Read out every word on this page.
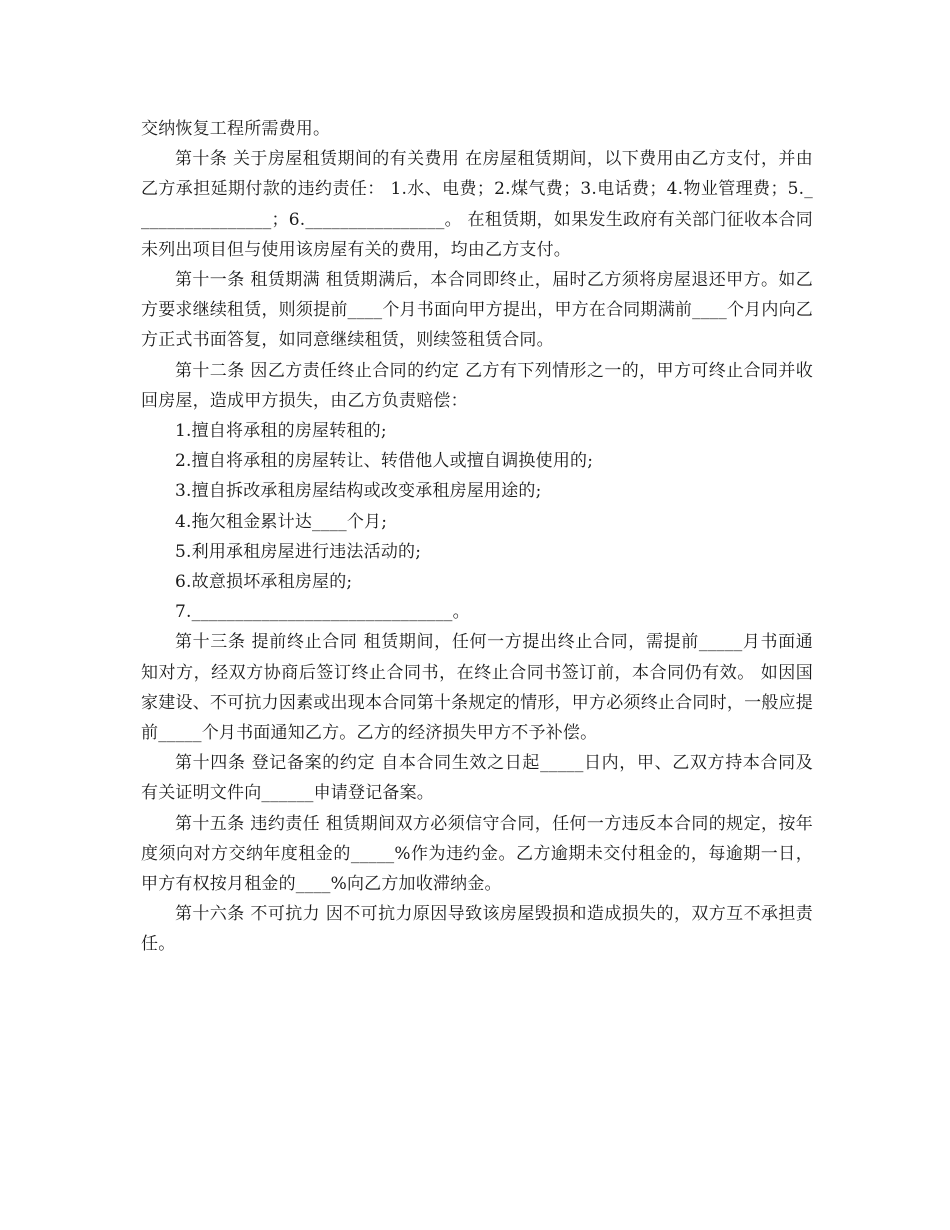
交纳恢复工程所需费用。

第十条 关于房屋租赁期间的有关费用 在房屋租赁期间，以下费用由乙方支付，并由乙方承担延期付款的违约责任： 1.水、电费；2.煤气费；3.电话费；4.物业管理费；5.________________；6.________________。 在租赁期，如果发生政府有关部门征收本合同未列出项目但与使用该房屋有关的费用，均由乙方支付。

第十一条 租赁期满 租赁期满后，本合同即终止，届时乙方须将房屋退还甲方。如乙方要求继续租赁，则须提前____个月书面向甲方提出，甲方在合同期满前____个月内向乙方正式书面答复，如同意继续租赁，则续签租赁合同。

第十二条 因乙方责任终止合同的约定 乙方有下列情形之一的，甲方可终止合同并收回房屋，造成甲方损失，由乙方负责赔偿：

1.擅自将承租的房屋转租的;

2.擅自将承租的房屋转让、转借他人或擅自调换使用的;

3.擅自拆改承租房屋结构或改变承租房屋用途的;

4.拖欠租金累计达____个月;

5.利用承租房屋进行违法活动的;

6.故意损坏承租房屋的;

7.______________________________。

第十三条 提前终止合同 租赁期间，任何一方提出终止合同，需提前_____月书面通知对方，经双方协商后签订终止合同书，在终止合同书签订前，本合同仍有效。 如因国家建设、不可抗力因素或出现本合同第十条规定的情形，甲方必须终止合同时，一般应提前_____个月书面通知乙方。乙方的经济损失甲方不予补偿。

第十四条 登记备案的约定 自本合同生效之日起_____日内，甲、乙双方持本合同及有关证明文件向______申请登记备案。

第十五条 违约责任 租赁期间双方必须信守合同，任何一方违反本合同的规定，按年度须向对方交纳年度租金的_____%作为违约金。乙方逾期未交付租金的，每逾期一日，甲方有权按月租金的____%向乙方加收滞纳金。

第十六条 不可抗力 因不可抗力原因导致该房屋毁损和造成损失的，双方互不承担责任。
